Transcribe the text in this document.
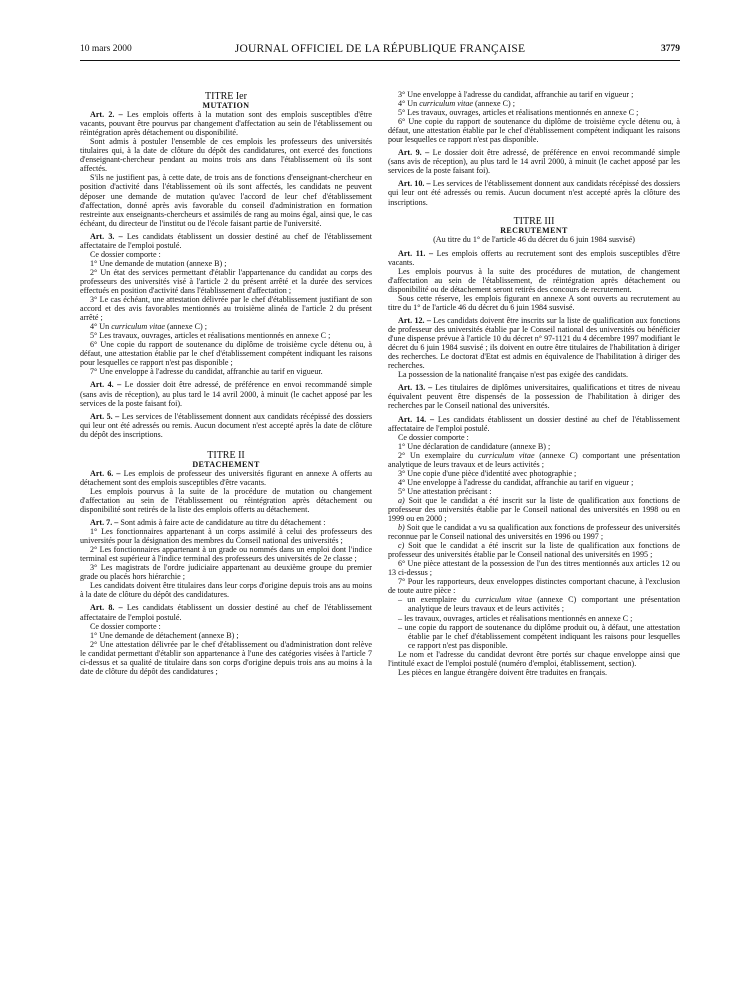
10 mars 2000	JOURNAL OFFICIEL DE LA RÉPUBLIQUE FRANÇAISE	3779

TITRE Ier

MUTATION

Art. 2. – Les emplois offerts à la mutation sont des emplois susceptibles d'être vacants, pouvant être pourvus par changement d'affectation au sein de l'établissement ou réintégration après détachement ou disponibilité.

Sont admis à postuler l'ensemble de ces emplois les professeurs des universités titulaires qui, à la date de clôture du dépôt des candidatures, ont exercé des fonctions d'enseignant-chercheur pendant au moins trois ans dans l'établissement où ils sont affectés.

S'ils ne justifient pas, à cette date, de trois ans de fonctions d'enseignant-chercheur en position d'activité dans l'établissement où ils sont affectés, les candidats ne peuvent déposer une demande de mutation qu'avec l'accord de leur chef d'établissement d'affectation, donné après avis favorable du conseil d'administration en formation restreinte aux enseignants-chercheurs et assimilés de rang au moins égal, ainsi que, le cas échéant, du directeur de l'institut ou de l'école faisant partie de l'université.

Art. 3. – Les candidats établissent un dossier destiné au chef de l'établissement affectataire de l'emploi postulé.

Ce dossier comporte :

1° Une demande de mutation (annexe B) ;

2° Un état des services permettant d'établir l'appartenance du candidat au corps des professeurs des universités visé à l'article 2 du présent arrêté et la durée des services effectués en position d'activité dans l'établissement d'affectation ;

3° Le cas échéant, une attestation délivrée par le chef d'établissement justifiant de son accord et des avis favorables mentionnés au troisième alinéa de l'article 2 du présent arrêté ;

4° Un curriculum vitae (annexe C) ;

5° Les travaux, ouvrages, articles et réalisations mentionnés en annexe C ;

6° Une copie du rapport de soutenance du diplôme de troisième cycle détenu ou, à défaut, une attestation établie par le chef d'établissement compétent indiquant les raisons pour lesquelles ce rapport n'est pas disponible ;

7° Une enveloppe à l'adresse du candidat, affranchie au tarif en vigueur.

Art. 4. – Le dossier doit être adressé, de préférence en envoi recommandé simple (sans avis de réception), au plus tard le 14 avril 2000, à minuit (le cachet apposé par les services de la poste faisant foi).

Art. 5. – Les services de l'établissement donnent aux candidats récépissé des dossiers qui leur ont été adressés ou remis. Aucun document n'est accepté après la date de clôture du dépôt des inscriptions.

TITRE II

DETACHEMENT

Art. 6. – Les emplois de professeur des universités figurant en annexe A offerts au détachement sont des emplois susceptibles d'être vacants.

Les emplois pourvus à la suite de la procédure de mutation ou changement d'affectation au sein de l'établissement ou réintégration après détachement ou disponibilité sont retirés de la liste des emplois offerts au détachement.

Art. 7. – Sont admis à faire acte de candidature au titre du détachement :

1° Les fonctionnaires appartenant à un corps assimilé à celui des professeurs des universités pour la désignation des membres du Conseil national des universités ;

2° Les fonctionnaires appartenant à un grade ou nommés dans un emploi dont l'indice terminal est supérieur à l'indice terminal des professeurs des universités de 2e classe ;

3° Les magistrats de l'ordre judiciaire appartenant au deuxième groupe du premier grade ou placés hors hiérarchie ;

Les candidats doivent être titulaires dans leur corps d'origine depuis trois ans au moins à la date de clôture du dépôt des candidatures.

Art. 8. – Les candidats établissent un dossier destiné au chef de l'établissement affectataire de l'emploi postulé.

Ce dossier comporte :

1° Une demande de détachement (annexe B) ;

2° Une attestation délivrée par le chef d'établissement ou d'administration dont relève le candidat permettant d'établir son appartenance à l'une des catégories visées à l'article 7 ci-dessus et sa qualité de titulaire dans son corps d'origine depuis trois ans au moins à la date de clôture du dépôt des candidatures ;

3° Une enveloppe à l'adresse du candidat, affranchie au tarif en vigueur ;

4° Un curriculum vitae (annexe C) ;

5° Les travaux, ouvrages, articles et réalisations mentionnés en annexe C ;

6° Une copie du rapport de soutenance du diplôme de troisième cycle détenu ou, à défaut, une attestation établie par le chef d'établissement compétent indiquant les raisons pour lesquelles ce rapport n'est pas disponible.

Art. 9. – Le dossier doit être adressé, de préférence en envoi recommandé simple (sans avis de réception), au plus tard le 14 avril 2000, à minuit (le cachet apposé par les services de la poste faisant foi).

Art. 10. – Les services de l'établissement donnent aux candidats récépissé des dossiers qui leur ont été adressés ou remis. Aucun document n'est accepté après la clôture des inscriptions.

TITRE III

RECRUTEMENT

(Au titre du 1° de l'article 46 du décret du 6 juin 1984 susvisé)

Art. 11. – Les emplois offerts au recrutement sont des emplois susceptibles d'être vacants.

Les emplois pourvus à la suite des procédures de mutation, de changement d'affectation au sein de l'établissement, de réintégration après détachement ou disponibilité ou de détachement seront retirés des concours de recrutement.

Sous cette réserve, les emplois figurant en annexe A sont ouverts au recrutement au titre du 1° de l'article 46 du décret du 6 juin 1984 susvisé.

Art. 12. – Les candidats doivent être inscrits sur la liste de qualification aux fonctions de professeur des universités établie par le Conseil national des universités ou bénéficier d'une dispense prévue à l'article 10 du décret n° 97-1121 du 4 décembre 1997 modifiant le décret du 6 juin 1984 susvisé ; ils doivent en outre être titulaires de l'habilitation à diriger des recherches. Le doctorat d'Etat est admis en équivalence de l'habilitation à diriger des recherches.

La possession de la nationalité française n'est pas exigée des candidats.

Art. 13. – Les titulaires de diplômes universitaires, qualifications et titres de niveau équivalent peuvent être dispensés de la possession de l'habilitation à diriger des recherches par le Conseil national des universités.

Art. 14. – Les candidats établissent un dossier destiné au chef de l'établissement affectataire de l'emploi postulé.

Ce dossier comporte :

1° Une déclaration de candidature (annexe B) ;

2° Un exemplaire du curriculum vitae (annexe C) comportant une présentation analytique de leurs travaux et de leurs activités ;

3° Une copie d'une pièce d'identité avec photographie ;

4° Une enveloppe à l'adresse du candidat, affranchie au tarif en vigueur ;

5° Une attestation précisant :

a) Soit que le candidat a été inscrit sur la liste de qualification aux fonctions de professeur des universités établie par le Conseil national des universités en 1998 ou en 1999 ou en 2000 ;

b) Soit que le candidat a vu sa qualification aux fonctions de professeur des universités reconnue par le Conseil national des universités en 1996 ou 1997 ;

c) Soit que le candidat a été inscrit sur la liste de qualification aux fonctions de professeur des universités établie par le Conseil national des universités en 1995 ;

6° Une pièce attestant de la possession de l'un des titres mentionnés aux articles 12 ou 13 ci-dessus ;

7° Pour les rapporteurs, deux enveloppes distinctes comportant chacune, à l'exclusion de toute autre pièce :

– un exemplaire du curriculum vitae (annexe C) comportant une présentation analytique de leurs travaux et de leurs activités ;

– les travaux, ouvrages, articles et réalisations mentionnés en annexe C ;

– une copie du rapport de soutenance du diplôme produit ou, à défaut, une attestation établie par le chef d'établissement compétent indiquant les raisons pour lesquelles ce rapport n'est pas disponible.

Le nom et l'adresse du candidat devront être portés sur chaque enveloppe ainsi que l'intitulé exact de l'emploi postulé (numéro d'emploi, établissement, section).

Les pièces en langue étrangère doivent être traduites en français.
